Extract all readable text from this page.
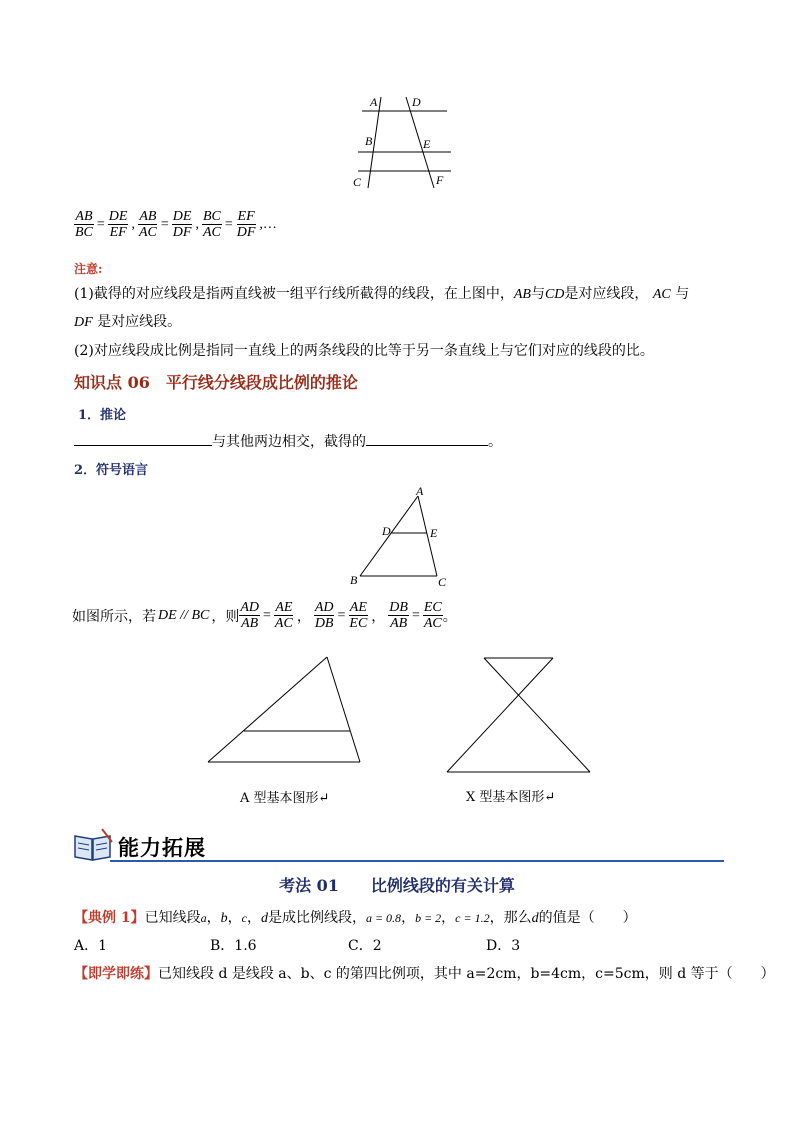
A	D
B	E
C	F
$\frac{AB}{BC} = \frac{DE}{EF}$ , $\frac{AB}{AC} = \frac{DE}{DF}$ , $\frac{BC}{AC} = \frac{EF}{DF}$ ,…
注意:
(1)截得的对应线段是指两直线被一组平行线所截得的线段，在上图中，AB与CD是对应线段， AC 与
DF 是对应线段。
(2)对应线段成比例是指同一直线上的两条线段的比等于另一条直线上与它们对应的线段的比。
知识点 06　平行线分线段成比例的推论
1．推论
与其他两边相交，截得的	。
2．符号语言
A
D	E
B	C
如图所示，若 DE // BC ，则 $\frac{AD}{AB} = \frac{AE}{AC}$ ， $\frac{AD}{DB} = \frac{AE}{EC}$ ， $\frac{DB}{AB} = \frac{EC}{AC}$ 。
A 型基本图形↵	X 型基本图形↵
能力拓展
考法 01　　比例线段的有关计算
【典例 1】已知线段a，b，c，d是成比例线段，a = 0.8，b = 2，c = 1.2，那么d的值是（　　）
A．1	B．1.6	C．2	D．3
【即学即练】已知线段 d 是线段 a、b、c 的第四比例项，其中 a=2cm，b=4cm，c=5cm，则 d 等于（　　）
